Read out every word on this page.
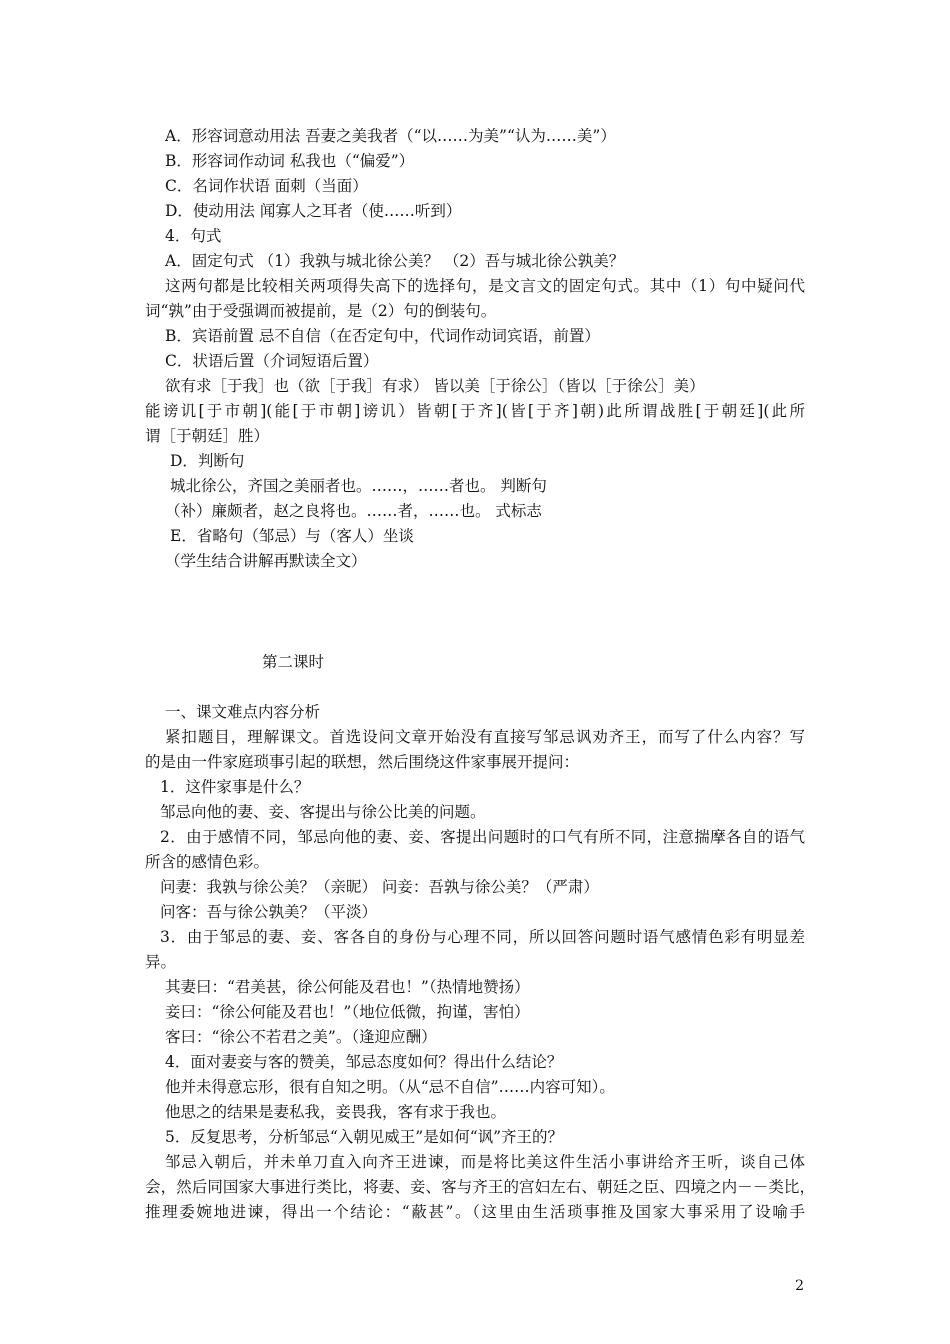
A．形容词意动用法 吾妻之美我者（“以……为美”“认为……美”）
B．形容词作动词 私我也（“偏爱”）
C．名词作状语 面刺（当面）
D．使动用法 闻寡人之耳者（使……听到）
4．句式
A．固定句式 （1）我孰与城北徐公美？ （2）吾与城北徐公孰美？
这两句都是比较相关两项得失高下的选择句，是文言文的固定句式。其中（1）句中疑问代
词“孰”由于受强调而被提前，是（2）句的倒装句。
B．宾语前置 忌不自信（在否定句中，代词作动词宾语，前置）
C．状语后置（介词短语后置）
欲有求［于我］也（欲［于我］有求） 皆以美［于徐公］（皆以［于徐公］美）
能谤讥[于市朝](能[于市朝]谤讥）皆朝[于齐](皆[于齐]朝)此所谓战胜[于朝廷](此所
谓［于朝廷］胜）
D．判断句
城北徐公，齐国之美丽者也。……，……者也。 判断句
（补）廉颇者，赵之良将也。……者，……也。 式标志
E．省略句（邹忌）与（客人）坐谈
（学生结合讲解再默读全文）
第二课时
一、课文难点内容分析
紧扣题目，理解课文。首选设问文章开始没有直接写邹忌讽劝齐王，而写了什么内容？写
的是由一件家庭琐事引起的联想，然后围绕这件家事展开提问：
1．这件家事是什么？
邹忌向他的妻、妾、客提出与徐公比美的问题。
2．由于感情不同，邹忌向他的妻、妾、客提出问题时的口气有所不同，注意揣摩各自的语气
所含的感情色彩。
问妻：我孰与徐公美？（亲昵） 问妾：吾孰与徐公美？（严肃）
问客：吾与徐公孰美？（平淡）
3．由于邹忌的妻、妾、客各自的身份与心理不同，所以回答问题时语气感情色彩有明显差
异。
其妻曰：“君美甚，徐公何能及君也！”（热情地赞扬）
妾曰：“徐公何能及君也！”（地位低微，拘谨，害怕）
客曰：“徐公不若君之美”。（逢迎应酬）
4．面对妻妾与客的赞美，邹忌态度如何？得出什么结论？
他并未得意忘形，很有自知之明。（从“忌不自信”……内容可知）。
他思之的结果是妻私我，妾畏我，客有求于我也。
5．反复思考，分析邹忌“入朝见威王”是如何“讽”齐王的？
邹忌入朝后，并未单刀直入向齐王进谏，而是将比美这件生活小事讲给齐王听，谈自己体
会，然后同国家大事进行类比，将妻、妾、客与齐王的宫妇左右、朝廷之臣、四境之内－－类比，
推理委婉地进谏，得出一个结论：“蔽甚”。（这里由生活琐事推及国家大事采用了设喻手
2
